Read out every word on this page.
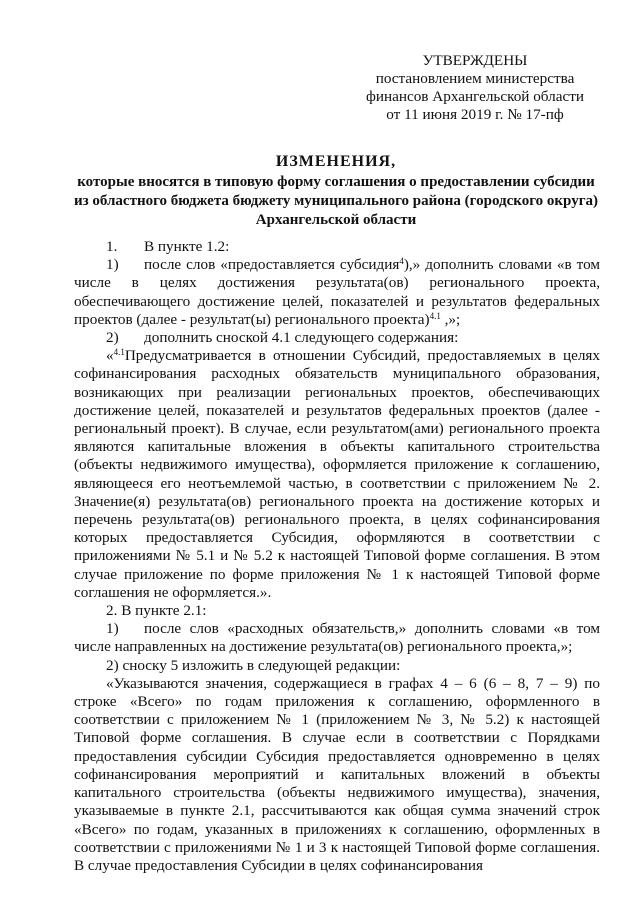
УТВЕРЖДЕНЫ
постановлением министерства
финансов Архангельской области
от 11 июня 2019 г. № 17-пф
ИЗМЕНЕНИЯ,
которые вносятся в типовую форму соглашения о предоставлении субсидии из областного бюджета бюджету муниципального района (городского округа) Архангельской области

1. В пункте 1.2:

1) после слов «предоставляется субсидия$^4$),» дополнить словами «в том числе в целях достижения результата(ов) регионального проекта, обеспечивающего достижение целей, показателей и результатов федеральных проектов (далее - результат(ы) регионального проекта)$^{4.1}$ ,»;

2) дополнить сноской 4.1 следующего содержания:

«$^{4.1}$Предусматривается в отношении Субсидий, предоставляемых в целях софинансирования расходных обязательств муниципального образования, возникающих при реализации региональных проектов, обеспечивающих достижение целей, показателей и результатов федеральных проектов (далее - региональный проект). В случае, если результатом(ами) регионального проекта являются капитальные вложения в объекты капитального строительства (объекты недвижимого имущества), оформляется приложение к соглашению, являющееся его неотъемлемой частью, в соответствии с приложением № 2. Значение(я) результата(ов) регионального проекта на достижение которых и перечень результата(ов) регионального проекта, в целях софинансирования которых предоставляется Субсидия, оформляются в соответствии с приложениями № 5.1 и № 5.2 к настоящей Типовой форме соглашения. В этом случае приложение по форме приложения № 1 к настоящей Типовой форме соглашения не оформляется.».

2. В пункте 2.1:

1) после слов «расходных обязательств,» дополнить словами «в том числе направленных на достижение результата(ов) регионального проекта,»;

2) сноску 5 изложить в следующей редакции:

«Указываются значения, содержащиеся в графах 4 – 6 (6 – 8, 7 – 9) по строке «Всего» по годам приложения к соглашению, оформленного в соответствии с приложением № 1 (приложением № 3, № 5.2) к настоящей Типовой форме соглашения. В случае если в соответствии с Порядками предоставления субсидии Субсидия предоставляется одновременно в целях софинансирования мероприятий и капитальных вложений в объекты капитального строительства (объекты недвижимого имущества), значения, указываемые в пункте 2.1, рассчитываются как общая сумма значений строк «Всего» по годам, указанных в приложениях к соглашению, оформленных в соответствии с приложениями № 1 и 3 к настоящей Типовой форме соглашения. В случае предоставления Субсидии в целях софинансирования
